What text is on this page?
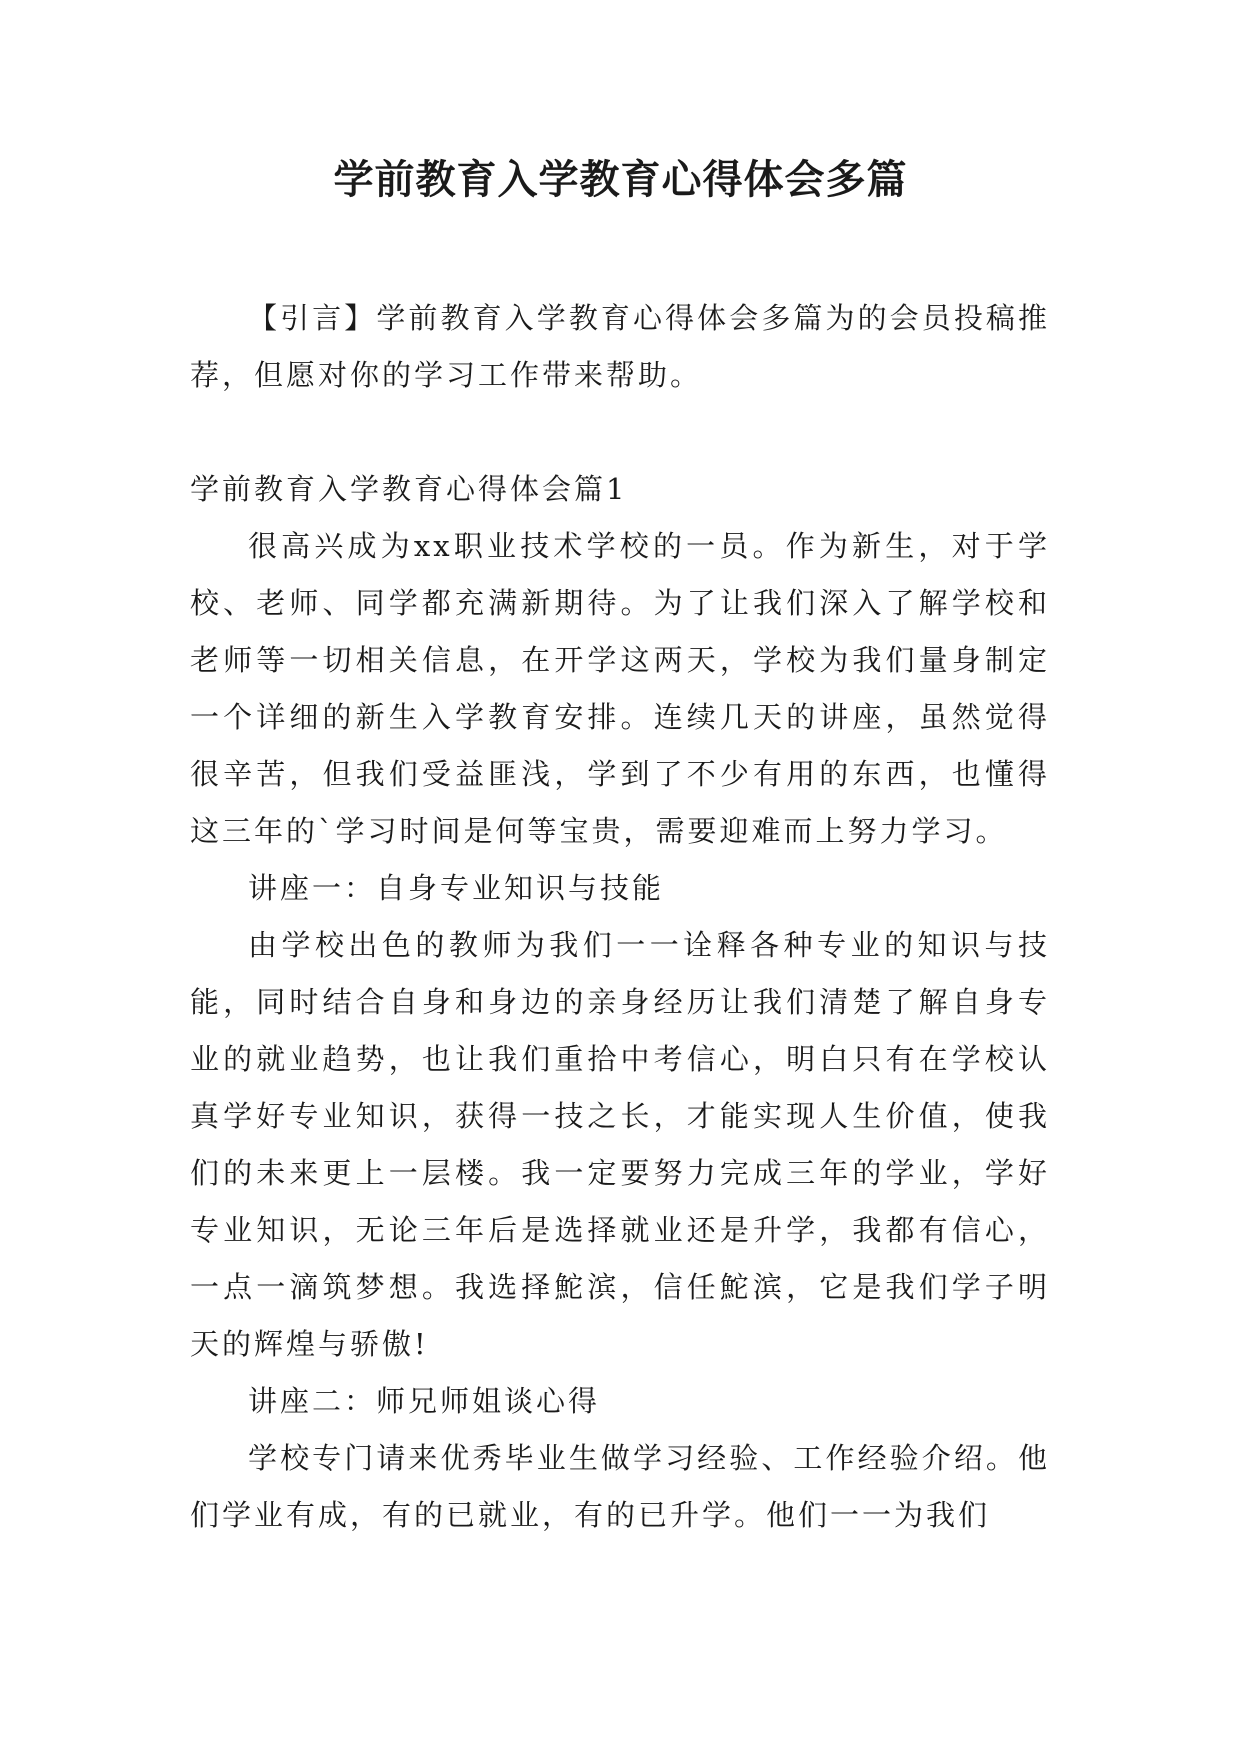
学前教育入学教育心得体会多篇

【引言】学前教育入学教育心得体会多篇为的会员投稿推荐，但愿对你的学习工作带来帮助。

学前教育入学教育心得体会篇1

很高兴成为xx职业技术学校的一员。作为新生，对于学校、老师、同学都充满新期待。为了让我们深入了解学校和老师等一切相关信息，在开学这两天，学校为我们量身制定一个详细的新生入学教育安排。连续几天的讲座，虽然觉得很辛苦，但我们受益匪浅，学到了不少有用的东西，也懂得这三年的`学习时间是何等宝贵，需要迎难而上努力学习。

讲座一：自身专业知识与技能

由学校出色的教师为我们一一诠释各种专业的知识与技能，同时结合自身和身边的亲身经历让我们清楚了解自身专业的就业趋势，也让我们重拾中考信心，明白只有在学校认真学好专业知识，获得一技之长，才能实现人生价值，使我们的未来更上一层楼。我一定要努力完成三年的学业，学好专业知识，无论三年后是选择就业还是升学，我都有信心，一点一滴筑梦想。我选择鮀滨，信任鮀滨，它是我们学子明天的辉煌与骄傲!

讲座二：师兄师姐谈心得

学校专门请来优秀毕业生做学习经验、工作经验介绍。他们学业有成，有的已就业，有的已升学。他们一一为我们
